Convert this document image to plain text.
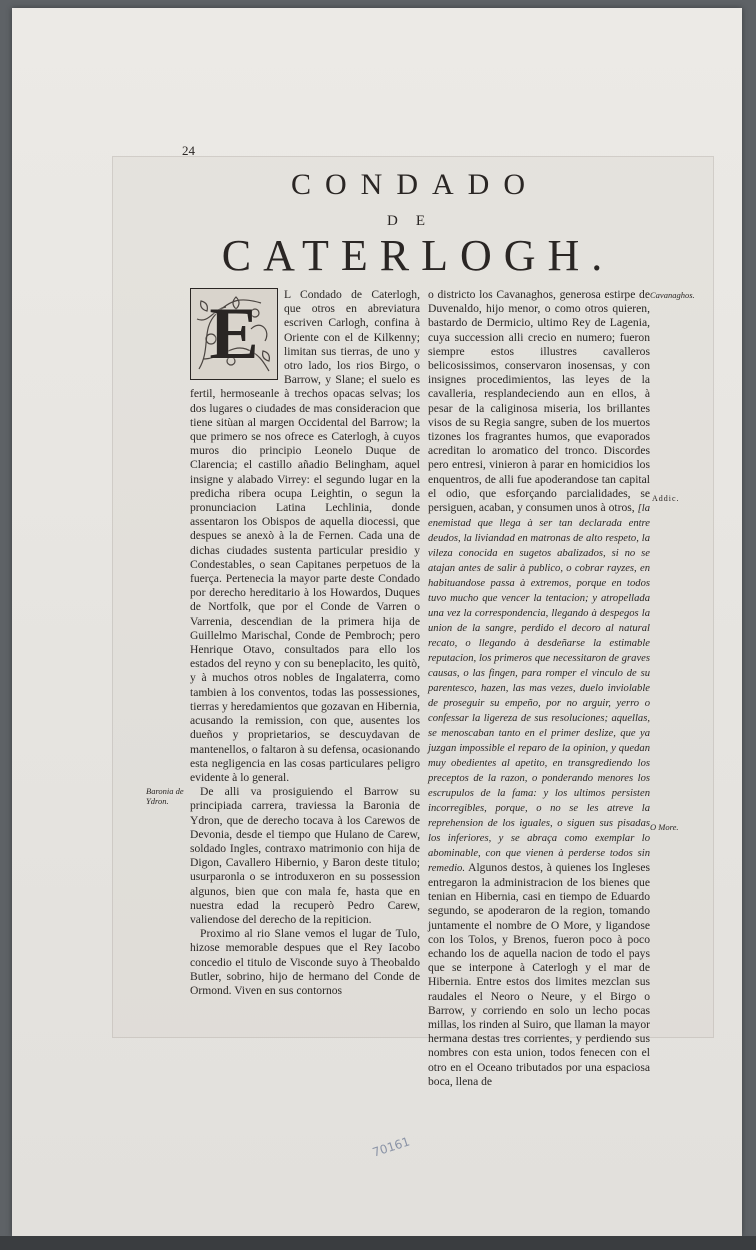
24
CONDADO
DE
CATERLOGH.
E	L Condado de Caterlogh, que otros en abreviatura escriven Carlogh, confina à Oriente con el de Kilkenny; limitan sus tierras, de uno y otro lado, los rios Birgo, o Barrow, y Slane; el suelo es fertil, hermoseanle à trechos opacas selvas; los dos lugares o ciudades de mas consideracion que tiene sitùan al margen Occidental del Barrow; la que primero se nos ofrece es Caterlogh, à cuyos muros dio principio Leonelo Duque de Clarencia; el castillo añadio Belingham, aquel insigne y alabado Virrey: el segundo lugar en la predicha ribera ocupa Leightin, o segun la pronunciacion Latina Lechlinia, donde assentaron los Obispos de aquella diocessi, que despues se anexò à la de Fernen. Cada una de dichas ciudades sustenta particular presidio y Condestables, o sean Capitanes perpetuos de la fuerça. Pertenecia la mayor parte deste Condado por derecho hereditario à los Howardos, Duques de Nortfolk, que por el Conde de Varren o Varrenia, descendian de la primera hija de Guillelmo Marischal, Conde de Pembroch; pero Henrique Otavo, consultados para ello los estados del reyno y con su beneplacito, les quitò, y à muchos otros nobles de Ingalaterra, como tambien à los conventos, todas las possessiones, tierras y heredamientos que gozavan en Hibernia, acusando la remission, con que, ausentes los dueños y proprietarios, se descuydavan de mantenellos, o faltaron à su defensa, ocasionando esta negligencia en las cosas particulares peligro evidente à lo general.

De alli va prosiguiendo el Barrow su principiada carrera, traviessa la Baronia de Ydron, que de derecho tocava à los Carewos de Devonia, desde el tiempo que Hulano de Carew, soldado Ingles, contraxo matrimonio con hija de Digon, Cavallero Hibernio, y Baron deste titulo; usurparonla o se introduxeron en su possession algunos, bien que con mala fe, hasta que en nuestra edad la recuperò Pedro Carew, valiendose del derecho de la repiticion.

Proximo al rio Slane vemos el lugar de Tulo, hizose memorable despues que el Rey Iacobo concedio el titulo de Visconde suyo à Theobaldo Butler, sobrino, hijo de hermano del Conde de Ormond. Viven en sus contornos

o districto los Cavanaghos, generosa estirpe de Duvenaldo, hijo menor, o como otros quieren, bastardo de Dermicio, ultimo Rey de Lagenia, cuya succession alli crecio en numero; fueron siempre estos illustres cavalleros belicosissimos, conservaron inosensas, y con insignes procedimientos, las leyes de la cavalleria, resplandeciendo aun en ellos, à pesar de la caliginosa miseria, los brillantes visos de su Regia sangre, suben de los muertos tizones los fragrantes humos, que evaporados acreditan lo aromatico del tronco. Discordes pero entresi, vinieron à parar en homicidios los enquentros, de alli fue apoderandose tan capital el odio, que esforçando parcialidades, se persiguen, acaban, y consumen unos à otros, [la enemistad que llega à ser tan declarada entre deudos, la liviandad en matronas de alto respeto, la vileza conocida en sugetos abalizados, si no se atajan antes de salir à publico, o cobrar rayzes, en habituandose passa à extremos, porque en todos tuvo mucho que vencer la tentacion; y atropellada una vez la correspondencia, llegando à despegos la union de la sangre, perdido el decoro al natural recato, o llegando à desdeñarse la estimable reputacion, los primeros que necessitaron de graves causas, o las fingen, para romper el vinculo de su parentesco, hazen, las mas vezes, duelo inviolable de proseguir su empeño, por no arguir, yerro o confessar la ligereza de sus resoluciones; aquellas, se menoscaban tanto en el primer deslize, que ya juzgan impossible el reparo de la opinion, y quedan muy obedientes al apetito, en transgrediendo los preceptos de la razon, o ponderando menores los escrupulos de la fama: y los ultimos persisten incorregibles, porque, o no se les atreve la reprehension de los iguales, o siguen sus pisadas los inferiores, y se abraça como exemplar lo abominable, con que vienen à perderse todos sin remedio. Algunos destos, à quienes los Ingleses entregaron la administracion de los bienes que tenian en Hibernia, casi en tiempo de Eduardo segundo, se apoderaron de la region, tomando juntamente el nombre de O More, y ligandose con los Tolos, y Brenos, fueron poco à poco echando los de aquella nacion de todo el pays que se interpone à Caterlogh y el mar de Hibernia. Entre estos dos limites mezclan sus raudales el Neoro o Neure, y el Birgo o Barrow, y corriendo en solo un lecho pocas millas, los rinden al Suiro, que llaman la mayor hermana destas tres corrientes, y perdiendo sus nombres con esta union, todos fenecen con el otro en el Oceano tributados por una espaciosa boca, llena de

Cavanaghos.
Addic.
O More.
Baronia de Ydron.
70161
